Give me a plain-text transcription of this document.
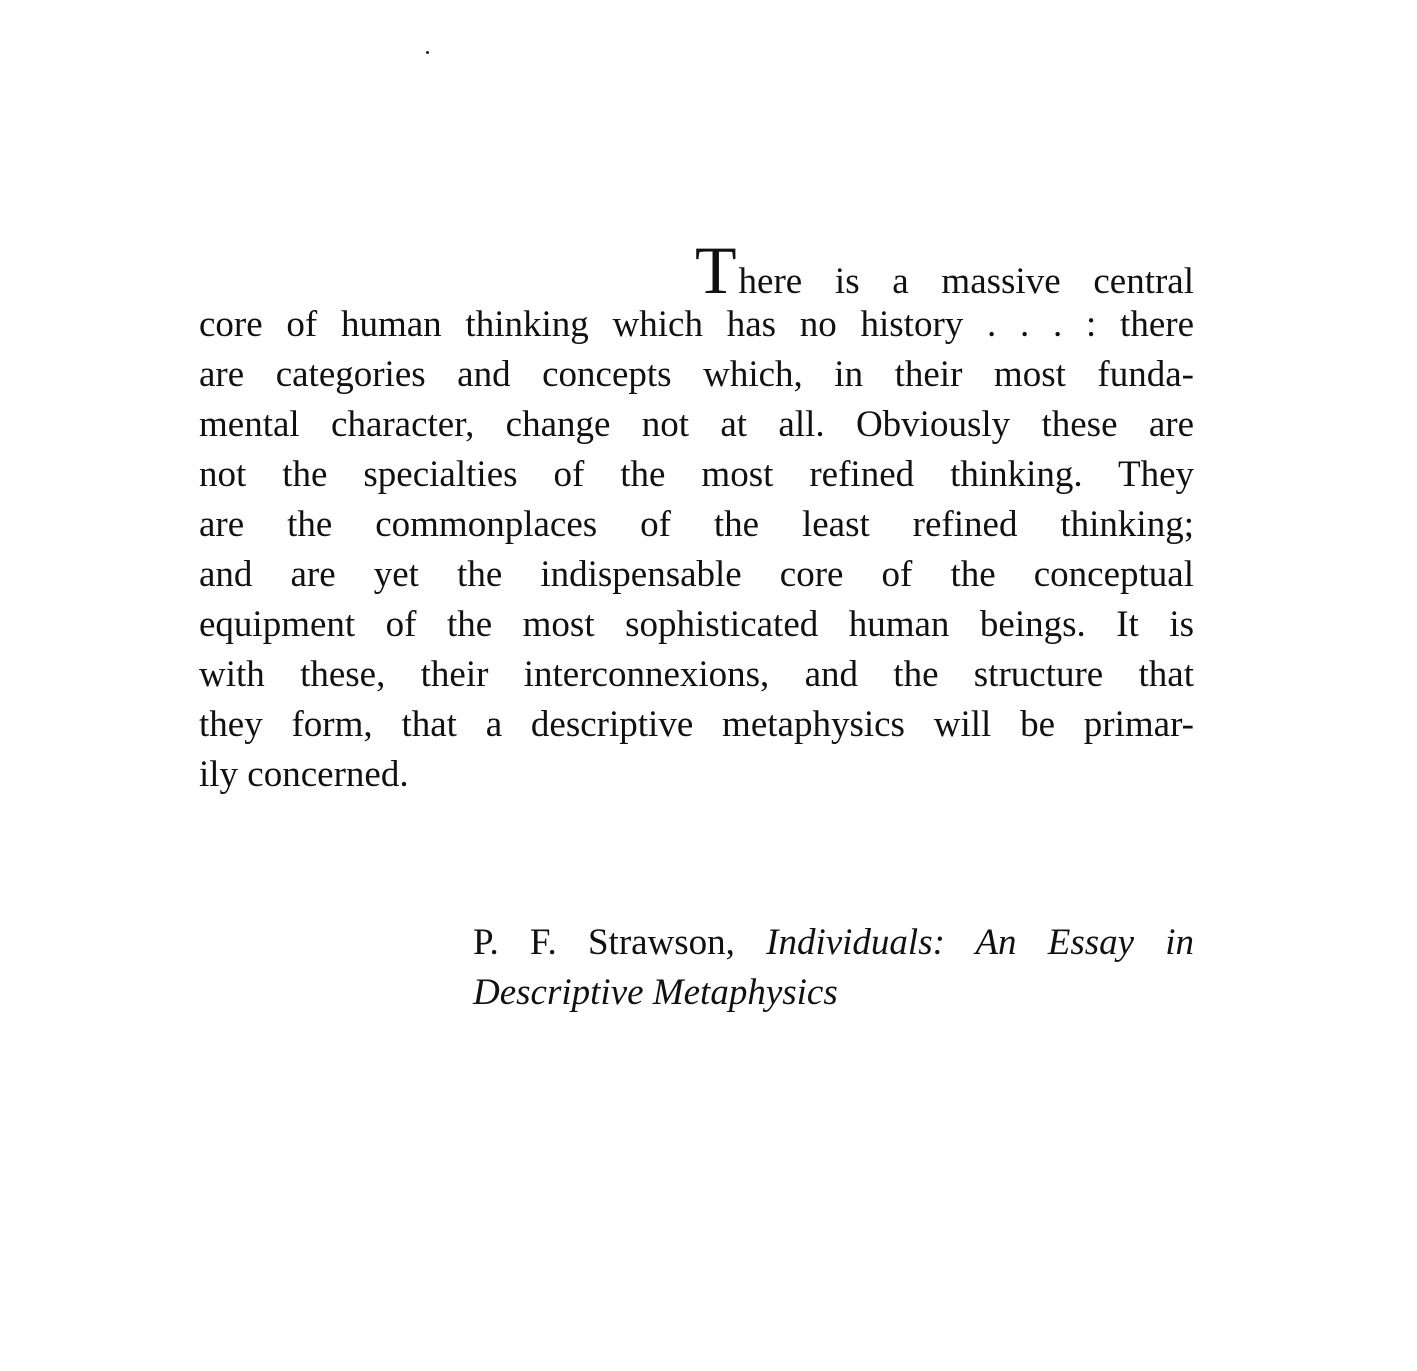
There is a massive central
core of human thinking which has no history . . . : there
are categories and concepts which, in their most funda-
mental character, change not at all. Obviously these are
not the specialties of the most refined thinking. They
are the commonplaces of the least refined thinking;
and are yet the indispensable core of the conceptual
equipment of the most sophisticated human beings. It is
with these, their interconnexions, and the structure that
they form, that a descriptive metaphysics will be primar-
ily concerned.
P. F. Strawson, Individuals: An Essay in
Descriptive Metaphysics
